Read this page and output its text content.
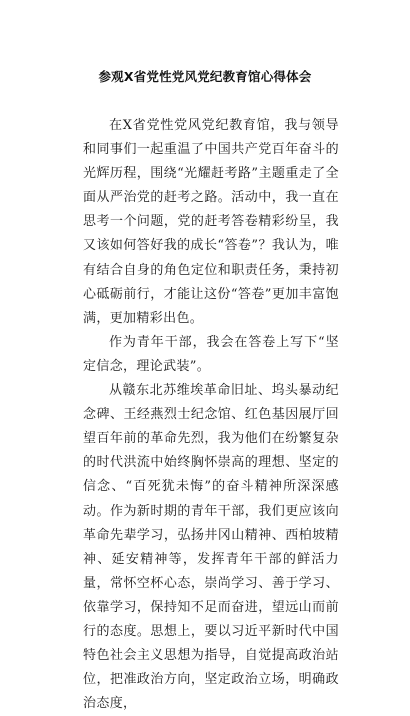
参观X省党性党风党纪教育馆心得体会

在X省党性党风党纪教育馆，我与领导和同事们一起重温了中国共产党百年奋斗的光辉历程，围绕“光耀赶考路”主题重走了全面从严治党的赶考之路。活动中，我一直在思考一个问题，党的赶考答卷精彩纷呈，我又该如何答好我的成长“答卷”？我认为，唯有结合自身的角色定位和职责任务，秉持初心砥砺前行，才能让这份“答卷”更加丰富饱满，更加精彩出色。

作为青年干部，我会在答卷上写下“坚定信念，理论武装”。

从赣东北苏维埃革命旧址、坞头暴动纪念碑、王经燕烈士纪念馆、红色基因展厅回望百年前的革命先烈，我为他们在纷繁复杂的时代洪流中始终胸怀崇高的理想、坚定的信念、“百死犹未悔”的奋斗精神所深深感动。作为新时期的青年干部，我们更应该向革命先辈学习，弘扬井冈山精神、西柏坡精神、延安精神等，发挥青年干部的鲜活力量，常怀空杯心态，崇尚学习、善于学习、依靠学习，保持知不足而奋进，望远山而前行的态度。思想上，要以习近平新时代中国特色社会主义思想为指导，自觉提高政治站位，把准政治方向，坚定政治立场，明确政治态度，
